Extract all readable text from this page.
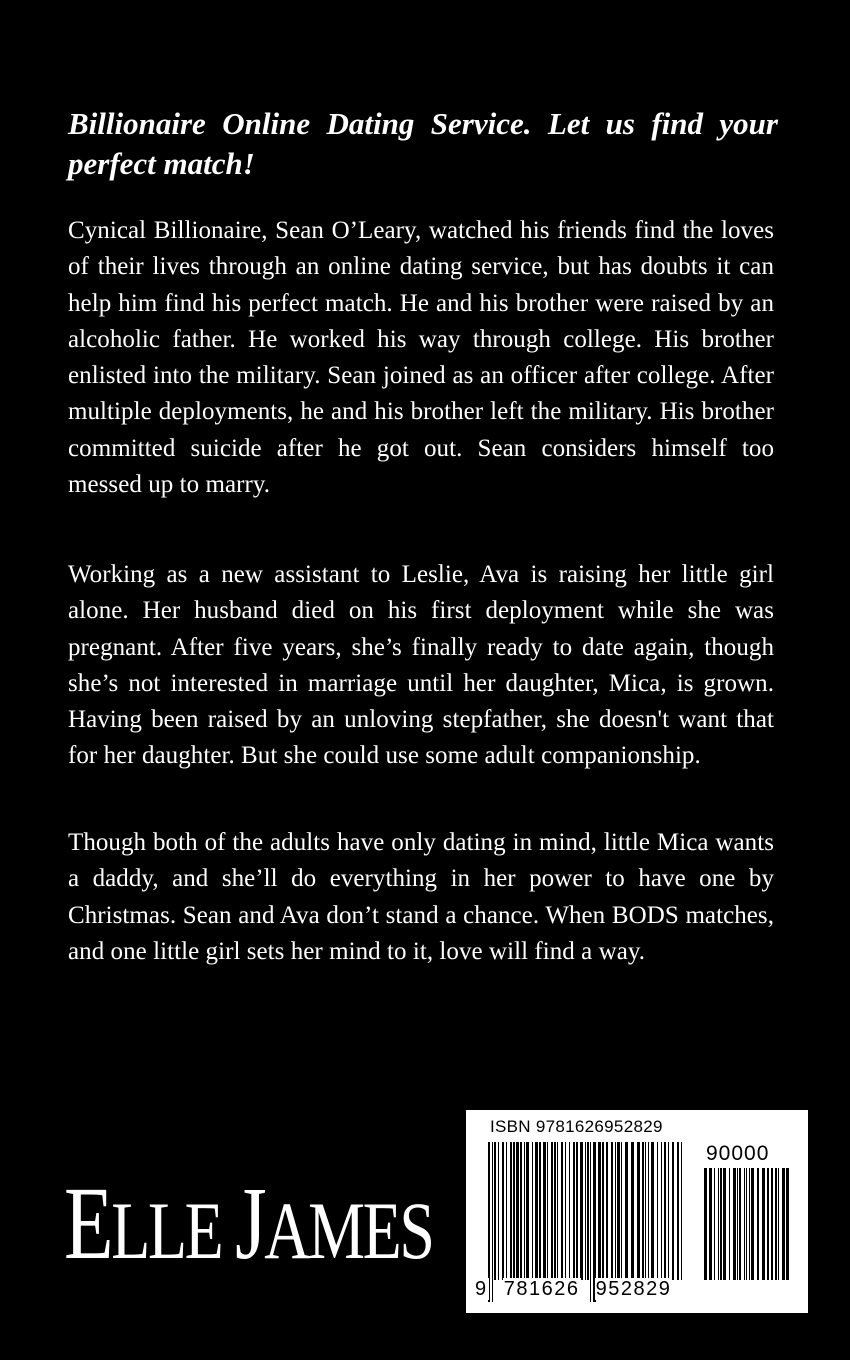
Billionaire Online Dating Service. Let us find your perfect match!

Cynical Billionaire, Sean O’Leary, watched his friends find the loves of their lives through an online dating service, but has doubts it can help him find his perfect match. He and his brother were raised by an alcoholic father. He worked his way through college. His brother enlisted into the military. Sean joined as an officer after college. After multiple deployments, he and his brother left the military. His brother committed suicide after he got out. Sean considers himself too messed up to marry.

Working as a new assistant to Leslie, Ava is raising her little girl alone. Her husband died on his first deployment while she was pregnant. After five years, she’s finally ready to date again, though she’s not interested in marriage until her daughter, Mica, is grown. Having been raised by an unloving stepfather, she doesn't want that for her daughter. But she could use some adult companionship.

Though both of the adults have only dating in mind, little Mica wants a daddy, and she’ll do everything in her power to have one by Christmas. Sean and Ava don’t stand a chance. When BODS matches, and one little girl sets her mind to it, love will find a way.

ELLE JAMES
ISBN 9781626952829
90000
9 781626 952829
